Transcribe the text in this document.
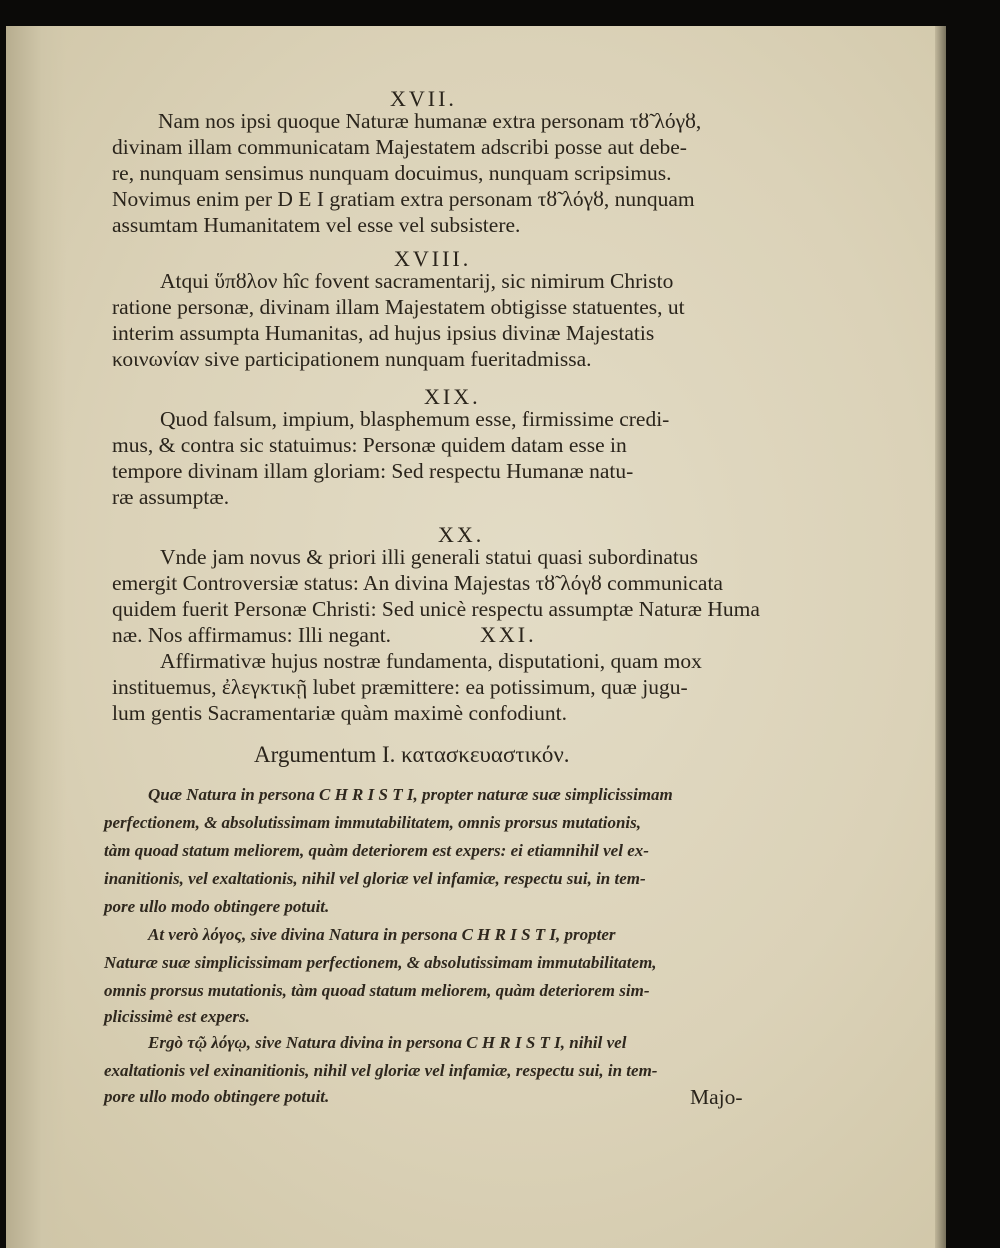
XVII.
Nam nos ipsi quoque Naturæ humanæ extra personam τȣ̃ λόγȣ,
divinam illam communicatam Majestatem adscribi posse aut debe-
re, nunquam sensimus nunquam docuimus, nunquam scripsimus.
Novimus enim per D E I gratiam extra personam τȣ̃ λόγȣ, nunquam
assumtam Humanitatem vel esse vel subsistere.
XVIII.
Atqui ὕπȣλον hîc fovent sacramentarij, sic nimirum Christo
ratione personæ, divinam illam Majestatem obtigisse statuentes, ut
interim assumpta Humanitas, ad hujus ipsius divinæ Majestatis
κοινωνίαν sive participationem nunquam fueritadmissa.
XIX.
Quod falsum, impium, blasphemum esse, firmissime credi-
mus, & contra sic statuimus: Personæ quidem datam esse in
tempore divinam illam gloriam: Sed respectu Humanæ natu-
ræ assumptæ.
XX.
Vnde jam novus & priori illi generali statui quasi subordinatus
emergit Controversiæ status: An divina Majestas τȣ̃ λόγȣ communicata
quidem fuerit Personæ Christi: Sed unicè respectu assumptæ Naturæ Huma
næ. Nos affirmamus: Illi negant.	XXI.
Affirmativæ hujus nostræ fundamenta, disputationi, quam mox
instituemus, ἐλεγκτικῇ lubet præmittere: ea potissimum, quæ jugu-
lum gentis Sacramentariæ quàm maximè confodiunt.
Argumentum I. κατασκευαστικόν.
Quæ Natura in persona C H R I S T I, propter naturæ suæ simplicissimam
perfectionem, & absolutissimam immutabilitatem, omnis prorsus mutationis,
tàm quoad statum meliorem, quàm deteriorem est expers: ei etiamnihil vel ex-
inanitionis, vel exaltationis, nihil vel gloriæ vel infamiæ, respectu sui, in tem-
pore ullo modo obtingere potuit.
At verò λόγος, sive divina Natura in persona C H R I S T I, propter
Naturæ suæ simplicissimam perfectionem, & absolutissimam immutabilitatem,
omnis prorsus mutationis, tàm quoad statum meliorem, quàm deteriorem sim-
plicissimè est expers.
Ergò τῷ λόγῳ, sive Natura divina in persona C H R I S T I, nihil vel
exaltationis vel exinanitionis, nihil vel gloriæ vel infamiæ, respectu sui, in tem-
pore ullo modo obtingere potuit.	Majo-
